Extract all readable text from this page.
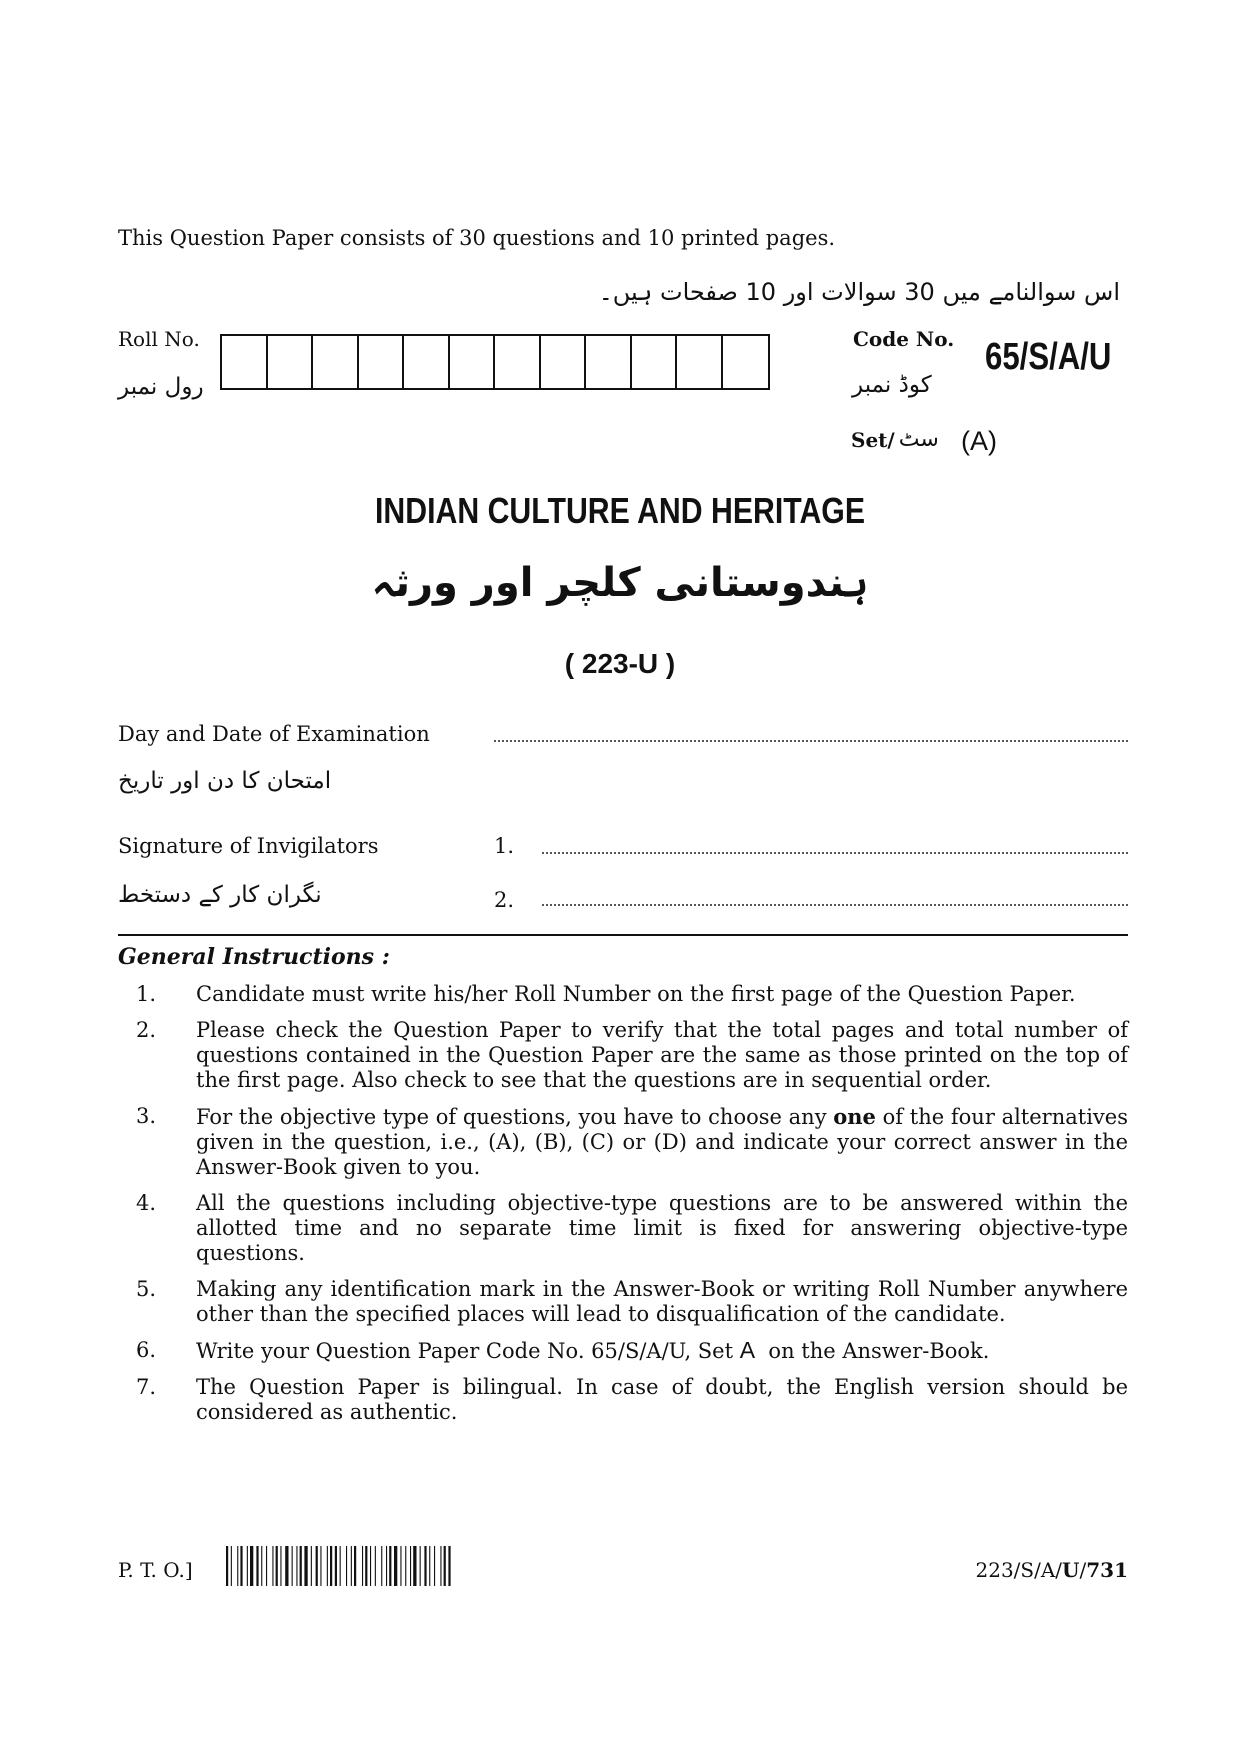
This Question Paper consists of 30 questions and 10 printed pages.
اس سوالنامے میں 30 سوالات اور 10 صفحات ہیں۔
Roll No.
رول نمبر
Code No. 65/S/A/U
کوڈ نمبر
Set/ سٹ (A)
INDIAN CULTURE AND HERITAGE
ہندوستانی کلچر اور ورثہ
( 223-U )
Day and Date of Examination
امتحان کا دن اور تاریخ
Signature of Invigilators	1.
نگران کار کے دستخط	2.
General Instructions :
1.	Candidate must write his/her Roll Number on the first page of the Question Paper.
2.	Please check the Question Paper to verify that the total pages and total number of questions contained in the Question Paper are the same as those printed on the top of the first page. Also check to see that the questions are in sequential order.
3.	For the objective type of questions, you have to choose any one of the four alternatives given in the question, i.e., (A), (B), (C) or (D) and indicate your correct answer in the Answer-Book given to you.
4.	All the questions including objective-type questions are to be answered within the allotted time and no separate time limit is fixed for answering objective-type questions.
5.	Making any identification mark in the Answer-Book or writing Roll Number anywhere other than the specified places will lead to disqualification of the candidate.
6.	Write your Question Paper Code No. 65/S/A/U, Set A  on the Answer-Book.
7.	The Question Paper is bilingual. In case of doubt, the English version should be considered as authentic.
P. T. O.]	223/S/A/U/731
